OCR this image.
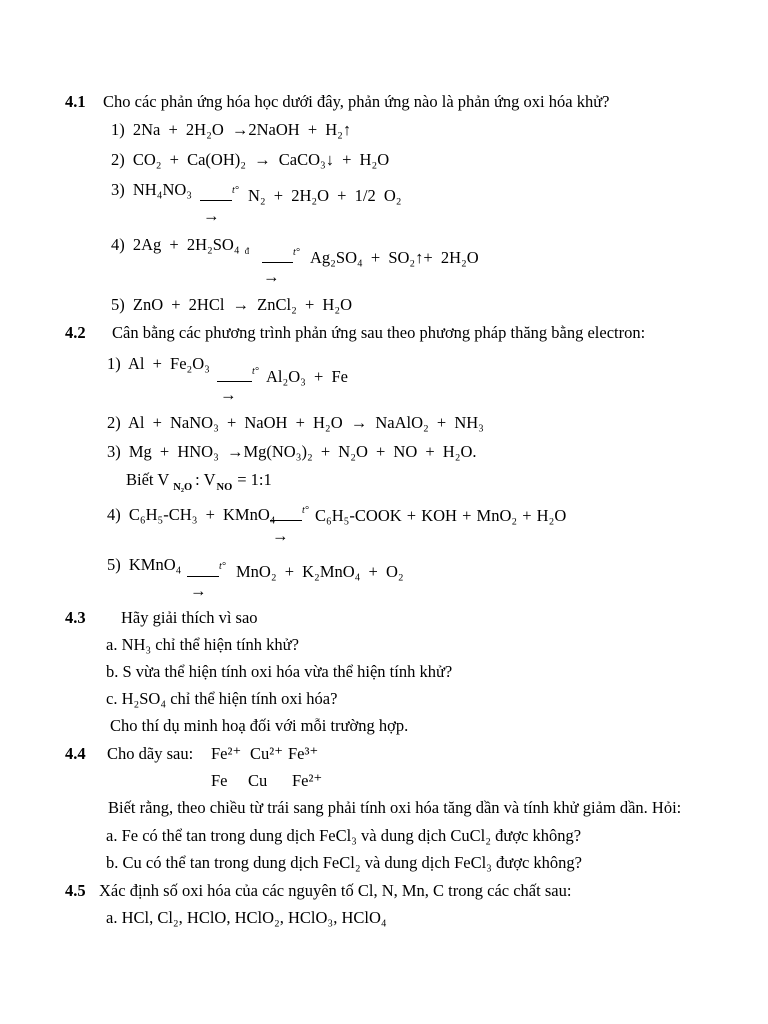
4.1 Cho các phản ứng hóa học dưới đây, phản ứng nào là phản ứng oxi hóa khử?
1) 2Na + 2H₂O →2NaOH + H₂↑
2) CO₂ + Ca(OH)₂ → CaCO₃↓ + H₂O
3) NH₄NO₃	t° N₂ + 2H₂O + 1/2 O₂
→
4) 2Ag + 2H₂SO₄ $_đ$	t° Ag₂SO₄ + SO₂↑+ 2H₂O
→
5) ZnO + 2HCl → ZnCl₂ + H₂O
4.2 Cân bằng các phương trình phản ứng sau theo phương pháp thăng bằng electron:
1) Al + Fe₂O₃	t° Al₂O₃ + Fe
→
2) Al + NaNO₃ + NaOH + H₂O → NaAlO₂ + NH₃
3) Mg + HNO₃ →Mg(NO₃)₂ + N₂O + NO + H₂O.
Biết V $_{N_2O}$ : $V_{NO}$ = 1:1
4) C₆H₅-CH₃ + KMnO₄	t° C₆H₅-COOK + KOH + MnO₂ + H₂O
→
5) KMnO₄	t° MnO₂ + K₂MnO₄ + O₂
→
4.3 Hãy giải thích vì sao
a. NH₃ chỉ thể hiện tính khử?
b. S vừa thể hiện tính oxi hóa vừa thể hiện tính khử?
c. H₂SO₄ chỉ thể hiện tính oxi hóa?
Cho thí dụ minh hoạ đối với mỗi trường hợp.
4.4 Cho dãy sau: Fe²⁺ Cu²⁺ Fe³⁺
Fe Cu Fe²⁺
Biết rằng, theo chiều từ trái sang phải tính oxi hóa tăng dần và tính khử giảm dần. Hỏi:
a. Fe có thể tan trong dung dịch FeCl₃ và dung dịch CuCl₂ được không?
b. Cu có thể tan trong dung dịch FeCl₂ và dung dịch FeCl₃ được không?
4.5 Xác định số oxi hóa của các nguyên tố Cl, N, Mn, C trong các chất sau:
a. HCl, Cl₂, HClO, HClO₂, HClO₃, HClO₄
